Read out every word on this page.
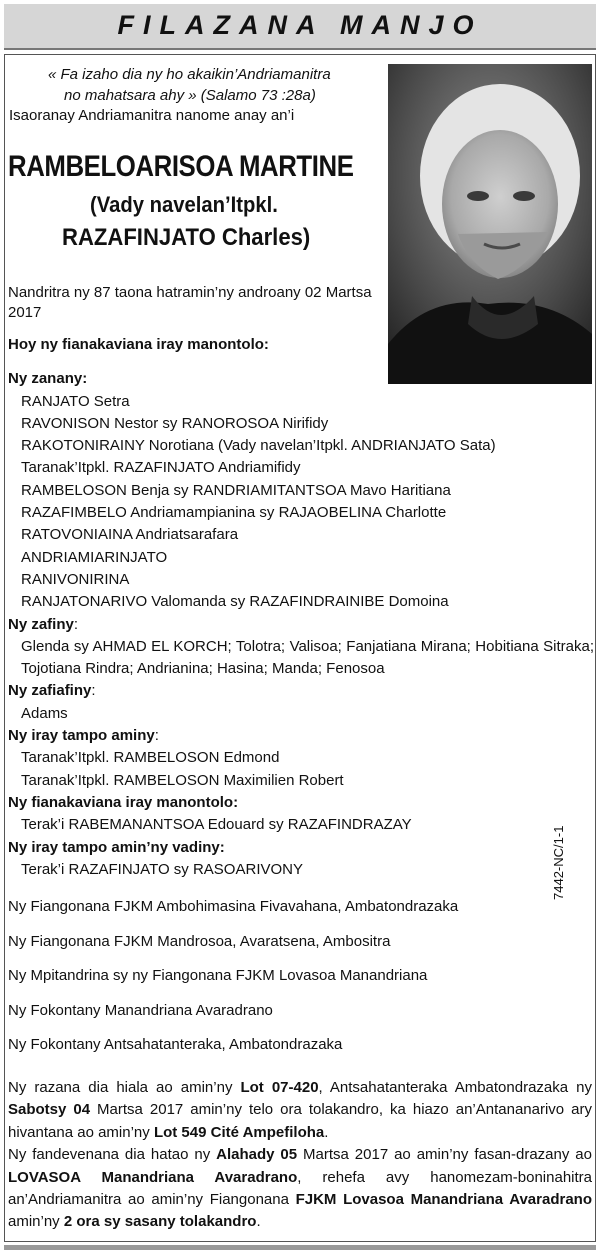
FILAZANA MANJO
« Fa izaho dia ny ho akaikin’Andriamanitra
no mahatsara ahy » (Salamo 73 :28a)
Isaoranay Andriamanitra nanome anay an’i
RAMBELOARISOA MARTINE
(Vady navelan’Itpkl.
RAZAFINJATO Charles)
Nandritra ny 87 taona hatramin’ny androany 02 Martsa 2017
Hoy ny fianakaviana iray manontolo:
Ny zanany:
RANJATO Setra
RAVONISON Nestor sy RANOROSOA Nirifidy
RAKOTONIRAINY Norotiana (Vady navelan’Itpkl. ANDRIANJATO Sata)
Taranak’Itpkl. RAZAFINJATO Andriamifidy
RAMBELOSON Benja sy RANDRIAMITANTSOA Mavo Haritiana
RAZAFIMBELO Andriamampianina sy RAJAOBELINA Charlotte
RATOVONIAINA Andriatsarafara
ANDRIAMIARINJATO
RANIVONIRINA
RANJATONARIVO Valomanda sy RAZAFINDRAINIBE Domoina
Ny zafiny:
Glenda sy AHMAD EL KORCH; Tolotra; Valisoa; Fanjatiana Mirana; Hobitiana Sitraka; Tojotiana Rindra; Andrianina; Hasina; Manda; Fenosoa
Ny zafiafiny:
Adams
Ny iray tampo aminy:
Taranak’Itpkl. RAMBELOSON Edmond
Taranak’Itpkl. RAMBELOSON Maximilien Robert
Ny fianakaviana iray manontolo:
Terak’i RABEMANANTSOA Edouard sy RAZAFINDRAZAY
Ny iray tampo amin’ny vadiny:
Terak’i RAZAFINJATO sy RASOARIVONY	7442-NC/1-1
Ny Fiangonana FJKM Ambohimasina Fivavahana, Ambatondrazaka
Ny Fiangonana FJKM Mandrosoa, Avaratsena, Ambositra
Ny Mpitandrina sy ny Fiangonana FJKM Lovasoa Manandriana
Ny Fokontany Manandriana Avaradrano
Ny Fokontany Antsahatanteraka, Ambatondrazaka
Ny razana dia hiala ao amin’ny Lot 07-420, Antsahatanteraka Ambatondrazaka ny Sabotsy 04 Martsa 2017 amin’ny telo ora tolakandro, ka hiazo an’Antananarivo ary hivantana ao amin’ny Lot 549 Cité Ampefiloha.
Ny fandevenana dia hatao ny Alahady 05 Martsa 2017 ao amin’ny fasan-drazany ao LOVASOA Manandriana Avaradrano, rehefa avy hanomezam-boninahitra an’Andriamanitra ao amin’ny Fiangonana FJKM Lovasoa Manandriana Avaradrano amin’ny 2 ora sy sasany tolakandro.
